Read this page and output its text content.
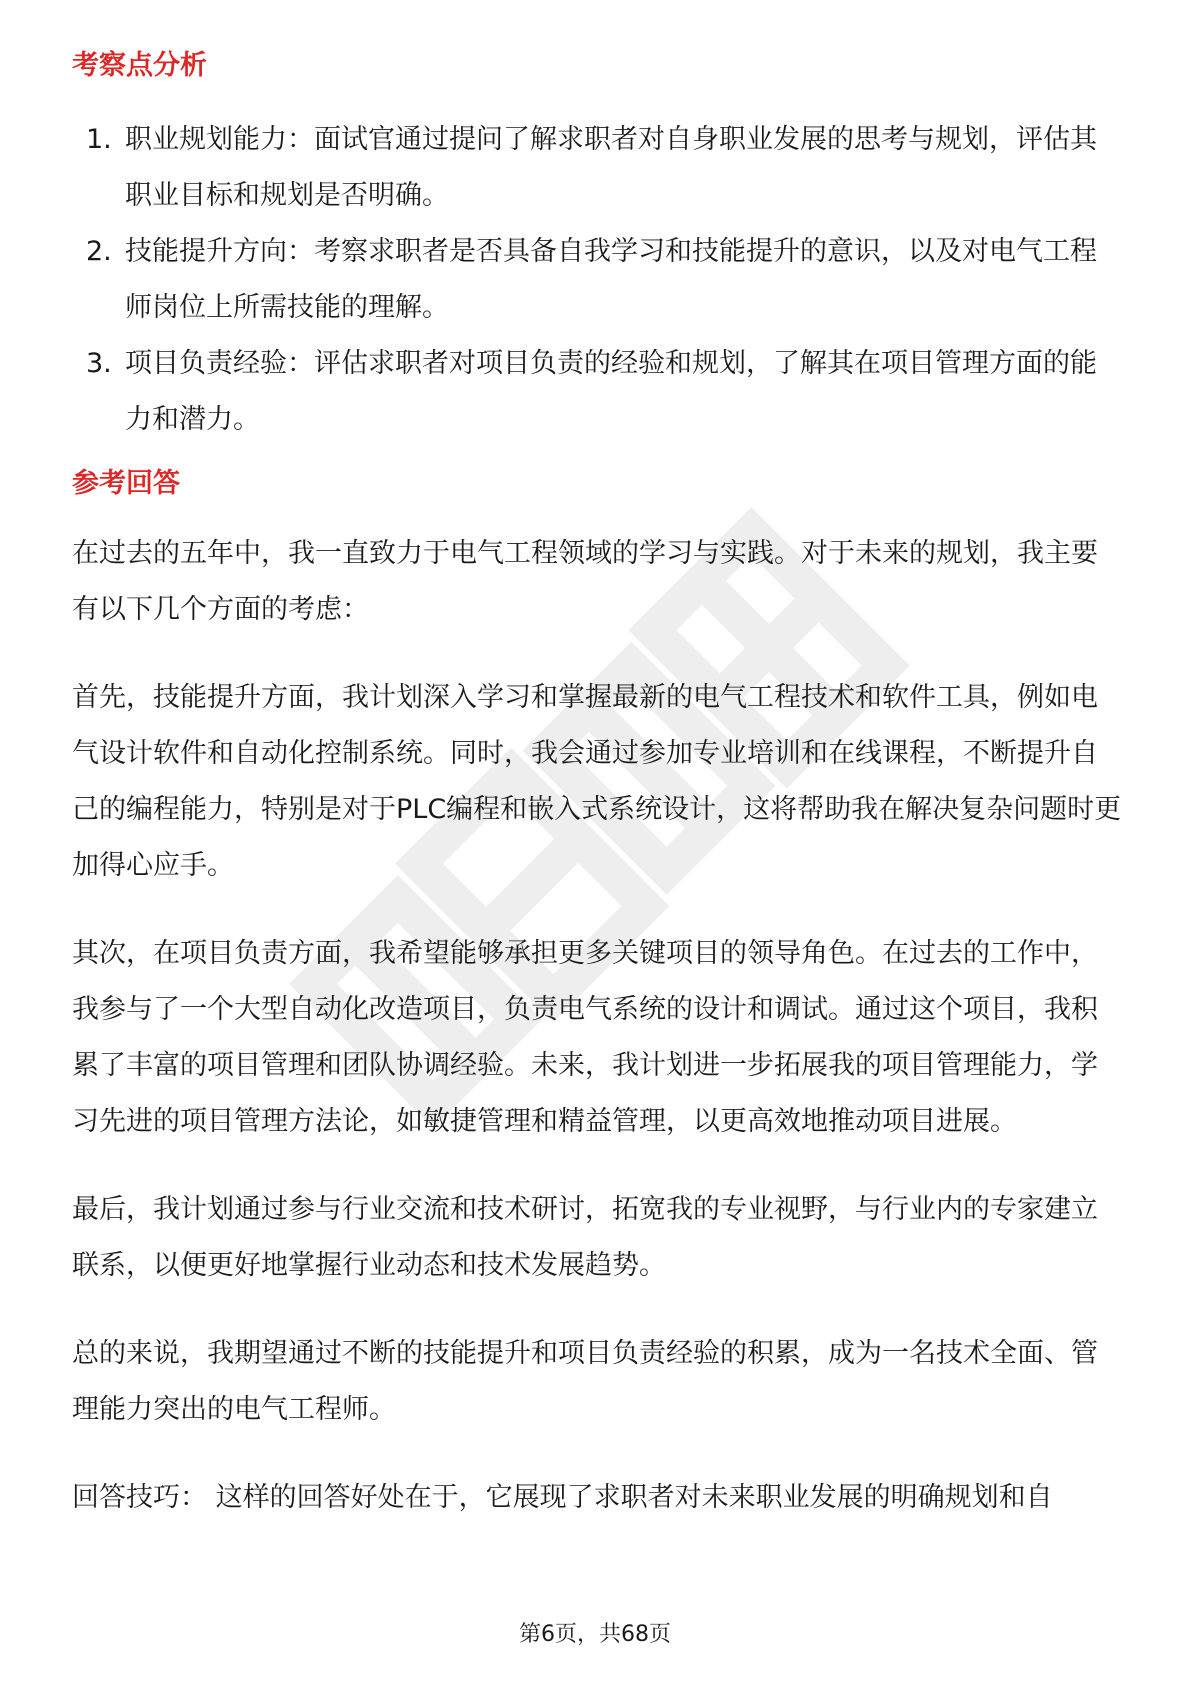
考察点分析
1. 职业规划能力：面试官通过提问了解求职者对自身职业发展的思考与规划，评估其职业目标和规划是否明确。
2. 技能提升方向：考察求职者是否具备自我学习和技能提升的意识，以及对电气工程师岗位上所需技能的理解。
3. 项目负责经验：评估求职者对项目负责的经验和规划，了解其在项目管理方面的能力和潜力。
参考回答

在过去的五年中，我一直致力于电气工程领域的学习与实践。对于未来的规划，我主要有以下几个方面的考虑：

首先，技能提升方面，我计划深入学习和掌握最新的电气工程技术和软件工具，例如电气设计软件和自动化控制系统。同时，我会通过参加专业培训和在线课程，不断提升自己的编程能力，特别是对于PLC编程和嵌入式系统设计，这将帮助我在解决复杂问题时更加得心应手。

其次，在项目负责方面，我希望能够承担更多关键项目的领导角色。在过去的工作中，我参与了一个大型自动化改造项目，负责电气系统的设计和调试。通过这个项目，我积累了丰富的项目管理和团队协调经验。未来，我计划进一步拓展我的项目管理能力，学习先进的项目管理方法论，如敏捷管理和精益管理，以更高效地推动项目进展。

最后，我计划通过参与行业交流和技术研讨，拓宽我的专业视野，与行业内的专家建立联系，以便更好地掌握行业动态和技术发展趋势。

总的来说，我期望通过不断的技能提升和项目负责经验的积累，成为一名技术全面、管理能力突出的电气工程师。

回答技巧： 这样的回答好处在于，它展现了求职者对未来职业发展的明确规划和自

第6页，共68页
